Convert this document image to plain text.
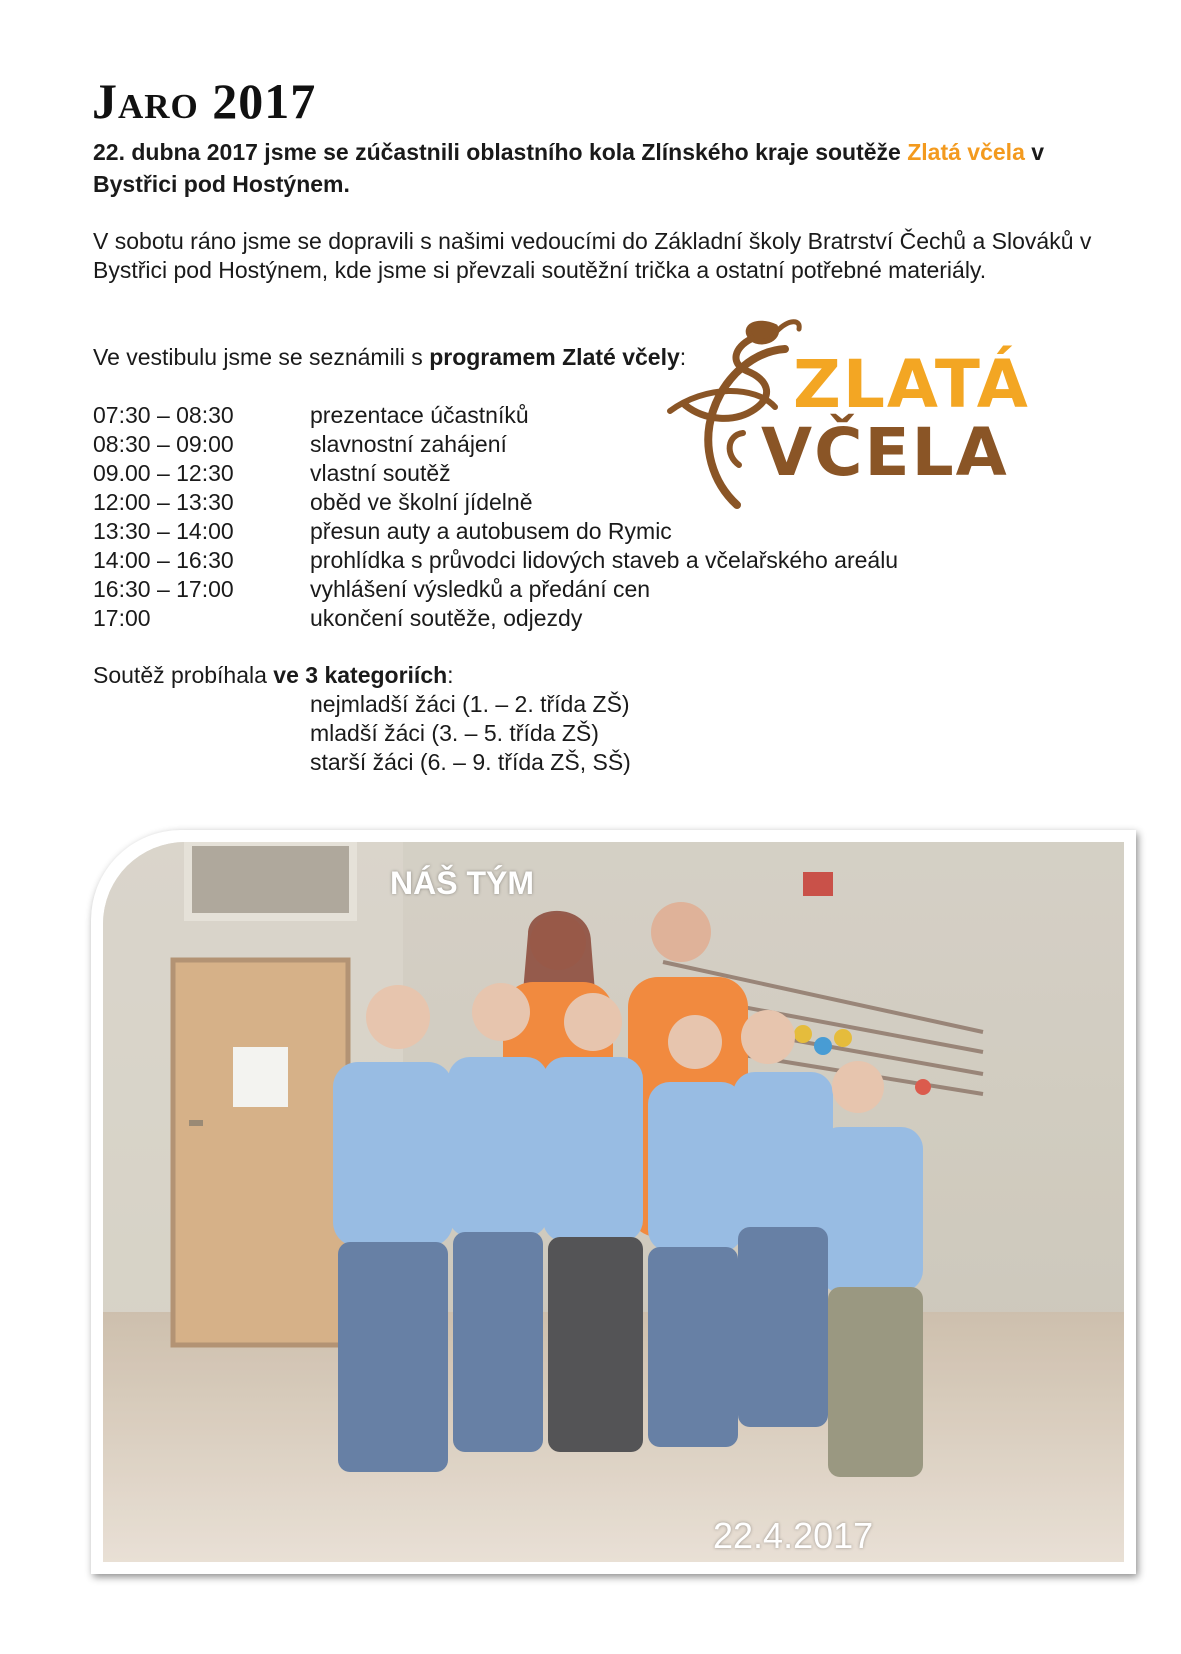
Jaro 2017

22. dubna 2017 jsme se zúčastnili oblastního kola Zlínského kraje soutěže Zlatá včela v Bystřici pod Hostýnem.

V sobotu ráno jsme se dopravili s našimi vedoucími do Základní školy Bratrství Čechů a Slováků v Bystřici pod Hostýnem, kde jsme si převzali soutěžní trička a ostatní potřebné materiály.

Ve vestibulu jsme se seznámili s programem Zlaté včely:

07:30 – 08:30	prezentace účastníků
08:30 – 09:00	slavnostní zahájení
09.00 – 12:30	vlastní soutěž
12:00 – 13:30	oběd ve školní jídelně
13:30 – 14:00	přesun auty a autobusem do Rymic
14:00 – 16:30	prohlídka s průvodci lidových staveb a včelařského areálu
16:30 – 17:00	vyhlášení výsledků a předání cen
17:00	ukončení soutěže, odjezdy

Soutěž probíhala ve 3 kategoriích:

nejmladší žáci (1. – 2. třída ZŠ)
mladší žáci (3. – 5. třída ZŠ)
starší žáci (6. – 9. třída ZŠ, SŠ)
ZLATÁ
VČELA

NÁŠ TÝM

22.4.2017
